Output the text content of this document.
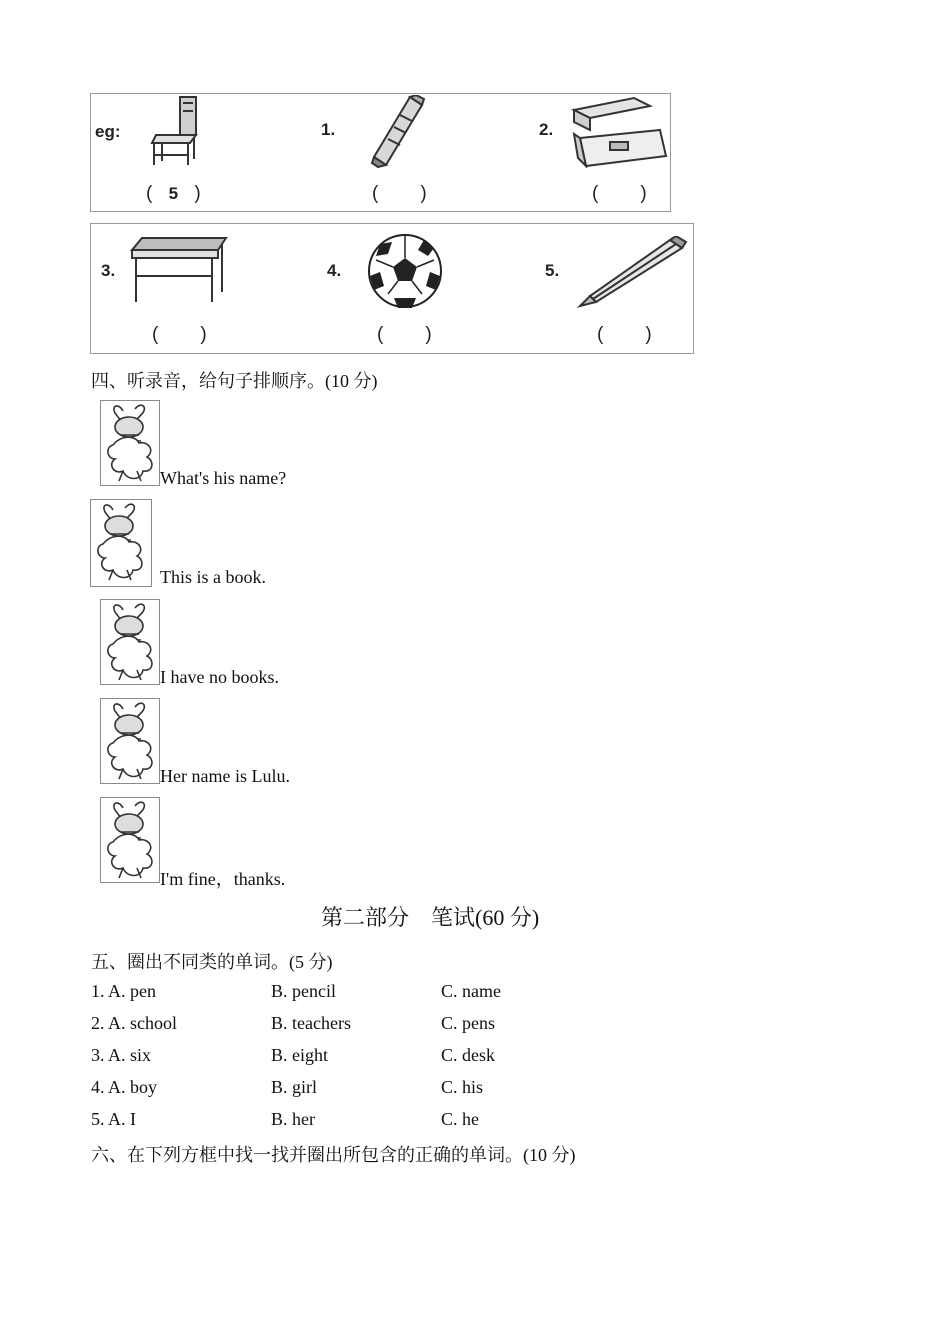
eg:
( 5 )
1.
( )
2.
( )
3.
( )
4.
( )
5.
( )
四、听录音，给句子排顺序。(10 分)
What's his name?
This is a book.
I have no books.
Her name is Lulu.
I'm fine，thanks.
第二部分　笔试(60 分)
五、圈出不同类的单词。(5 分)
1. A. pen	B. pencil	C. name
2. A. school	B. teachers	C. pens
3. A. six	B. eight	C. desk
4. A. boy	B. girl	C. his
5. A. I	B. her	C. he
六、在下列方框中找一找并圈出所包含的正确的单词。(10 分)
